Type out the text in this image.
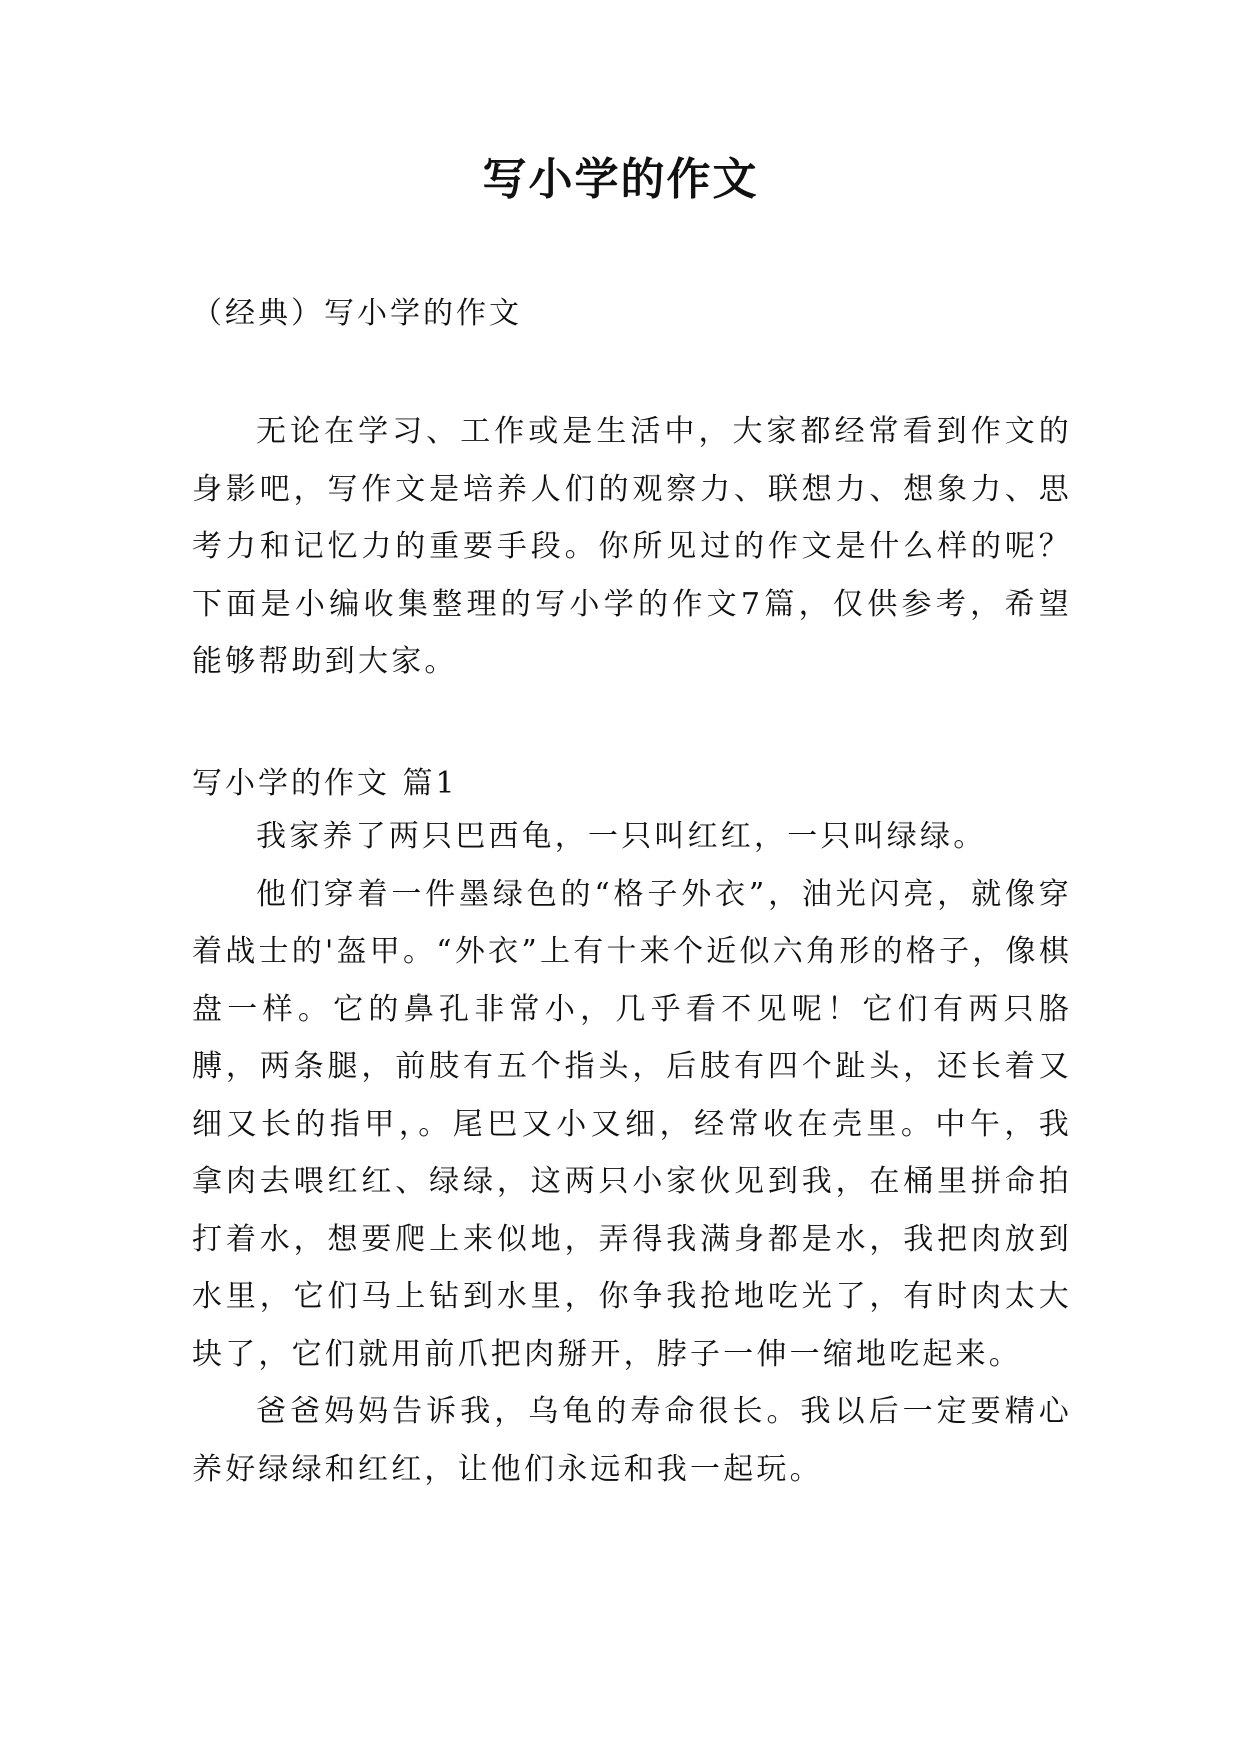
写小学的作文
（经典）写小学的作文

无论在学习、工作或是生活中，大家都经常看到作文的身影吧，写作文是培养人们的观察力、联想力、想象力、思考力和记忆力的重要手段。你所见过的作文是什么样的呢？下面是小编收集整理的写小学的作文7篇，仅供参考，希望能够帮助到大家。

写小学的作文 篇1

我家养了两只巴西龟，一只叫红红，一只叫绿绿。

他们穿着一件墨绿色的“格子外衣”，油光闪亮，就像穿着战士的'盔甲。“外衣”上有十来个近似六角形的格子，像棋盘一样。它的鼻孔非常小，几乎看不见呢！它们有两只胳膊，两条腿，前肢有五个指头，后肢有四个趾头，还长着又细又长的指甲，。尾巴又小又细，经常收在壳里。中午，我拿肉去喂红红、绿绿，这两只小家伙见到我，在桶里拼命拍打着水，想要爬上来似地，弄得我满身都是水，我把肉放到水里，它们马上钻到水里，你争我抢地吃光了，有时肉太大块了，它们就用前爪把肉掰开，脖子一伸一缩地吃起来。

爸爸妈妈告诉我，乌龟的寿命很长。我以后一定要精心养好绿绿和红红，让他们永远和我一起玩。
